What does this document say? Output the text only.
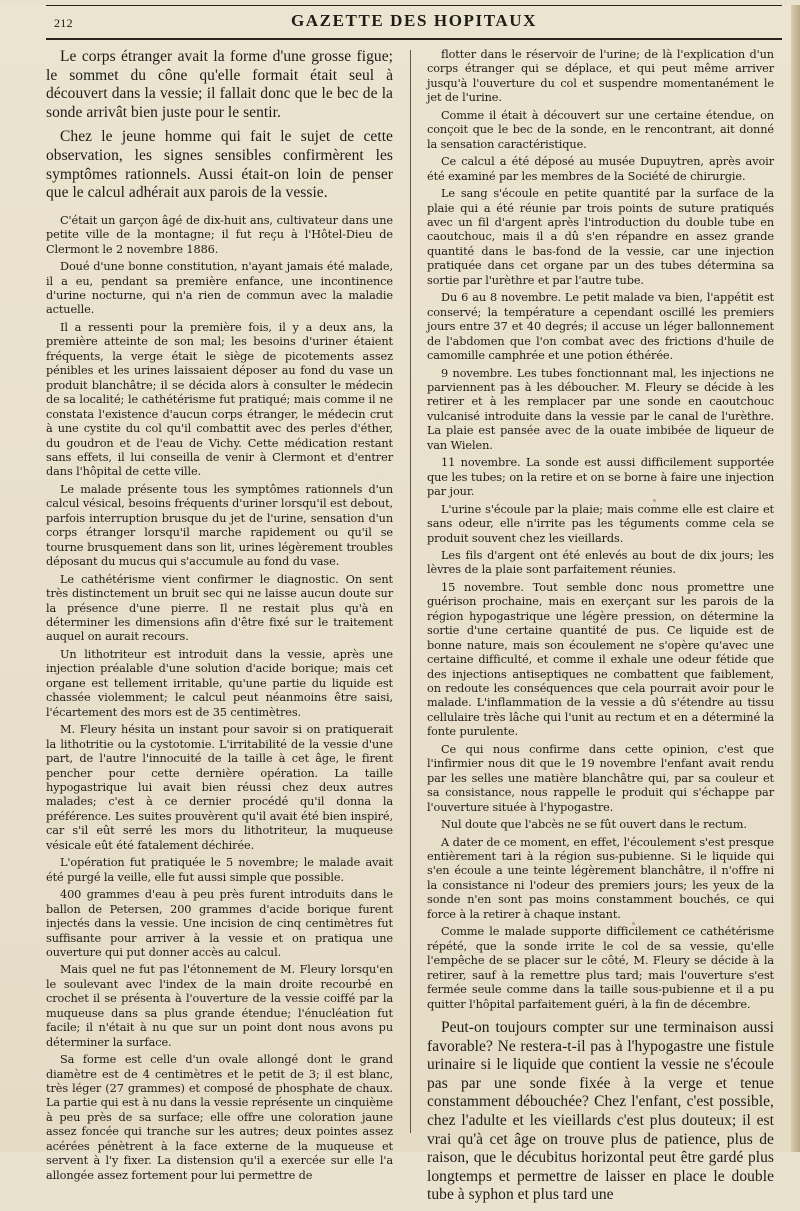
212	GAZETTE DES HOPITAUX

Le corps étranger avait la forme d'une grosse figue; le sommet du cône qu'elle formait était seul à découvert dans la vessie; il fallait donc que le bec de la sonde arrivât bien juste pour le sentir.

Chez le jeune homme qui fait le sujet de cette observation, les signes sensibles confirmèrent les symptômes rationnels. Aussi était-on loin de penser que le calcul adhérait aux parois de la vessie.

C'était un garçon âgé de dix-huit ans, cultivateur dans une petite ville de la montagne; il fut reçu à l'Hôtel-Dieu de Clermont le 2 novembre 1886.

Doué d'une bonne constitution, n'ayant jamais été malade, il a eu, pendant sa première enfance, une incontinence d'urine nocturne, qui n'a rien de commun avec la maladie actuelle.

Il a ressenti pour la première fois, il y a deux ans, la première atteinte de son mal; les besoins d'uriner étaient fréquents, la verge était le siège de picotements assez pénibles et les urines laissaient déposer au fond du vase un produit blanchâtre; il se décida alors à consulter le médecin de sa localité; le cathétérisme fut pratiqué; mais comme il ne constata l'existence d'aucun corps étranger, le médecin crut à une cystite du col qu'il combattit avec des perles d'éther, du goudron et de l'eau de Vichy. Cette médication restant sans effets, il lui conseilla de venir à Clermont et d'entrer dans l'hôpital de cette ville.

Le malade présente tous les symptômes rationnels d'un calcul vésical, besoins fréquents d'uriner lorsqu'il est debout, parfois interruption brusque du jet de l'urine, sensation d'un corps étranger lorsqu'il marche rapidement ou qu'il se tourne brusquement dans son lit, urines légèrement troubles déposant du mucus qui s'accumule au fond du vase.

Le cathétérisme vient confirmer le diagnostic. On sent très distinctement un bruit sec qui ne laisse aucun doute sur la présence d'une pierre. Il ne restait plus qu'à en déterminer les dimensions afin d'être fixé sur le traitement auquel on aurait recours.

Un lithotriteur est introduit dans la vessie, après une injection préalable d'une solution d'acide borique; mais cet organe est tellement irritable, qu'une partie du liquide est chassée violemment; le calcul peut néanmoins être saisi, l'écartement des mors est de 35 centimètres.

M. Fleury hésita un instant pour savoir si on pratiquerait la lithotritie ou la cystotomie. L'irritabilité de la vessie d'une part, de l'autre l'innocuité de la taille à cet âge, le firent pencher pour cette dernière opération. La taille hypogastrique lui avait bien réussi chez deux autres malades; c'est à ce dernier procédé qu'il donna la préférence. Les suites prouvèrent qu'il avait été bien inspiré, car s'il eût serré les mors du lithotriteur, la muqueuse vésicale eût été fatalement déchirée.

L'opération fut pratiquée le 5 novembre; le malade avait été purgé la veille, elle fut aussi simple que possible.

400 grammes d'eau à peu près furent introduits dans le ballon de Petersen, 200 grammes d'acide borique furent injectés dans la vessie. Une incision de cinq centimètres fut suffisante pour arriver à la vessie et on pratiqua une ouverture qui put donner accès au calcul.

Mais quel ne fut pas l'étonnement de M. Fleury lorsqu'en le soulevant avec l'index de la main droite recourbé en crochet il se présenta à l'ouverture de la vessie coiffé par la muqueuse dans sa plus grande étendue; l'énucléation fut facile; il n'était à nu que sur un point dont nous avons pu déterminer la surface.

Sa forme est celle d'un ovale allongé dont le grand diamètre est de 4 centimètres et le petit de 3; il est blanc, très léger (27 grammes) et composé de phosphate de chaux. La partie qui est à nu dans la vessie représente un cinquième à peu près de sa surface; elle offre une coloration jaune assez foncée qui tranche sur les autres; deux pointes assez acérées pénètrent à la face externe de la muqueuse et servent à l'y fixer. La distension qu'il a exercée sur elle l'a allongée assez fortement pour lui permettre de

flotter dans le réservoir de l'urine; de là l'explication d'un corps étranger qui se déplace, et qui peut même arriver jusqu'à l'ouverture du col et suspendre momentanément le jet de l'urine.

Comme il était à découvert sur une certaine étendue, on conçoit que le bec de la sonde, en le rencontrant, ait donné la sensation caractéristique.

Ce calcul a été déposé au musée Dupuytren, après avoir été examiné par les membres de la Société de chirurgie.

Le sang s'écoule en petite quantité par la surface de la plaie qui a été réunie par trois points de suture pratiqués avec un fil d'argent après l'introduction du double tube en caoutchouc, mais il a dû s'en répandre en assez grande quantité dans le bas-fond de la vessie, car une injection pratiquée dans cet organe par un des tubes détermina sa sortie par l'urèthre et par l'autre tube.

Du 6 au 8 novembre. Le petit malade va bien, l'appétit est conservé; la température a cependant oscillé les premiers jours entre 37 et 40 degrés; il accuse un léger ballonnement de l'abdomen que l'on combat avec des frictions d'huile de camomille camphrée et une potion éthérée.

9 novembre. Les tubes fonctionnant mal, les injections ne parviennent pas à les déboucher. M. Fleury se décide à les retirer et à les remplacer par une sonde en caoutchouc vulcanisé introduite dans la vessie par le canal de l'urèthre. La plaie est pansée avec de la ouate imbibée de liqueur de van Wielen.

11 novembre. La sonde est aussi difficilement supportée que les tubes; on la retire et on se borne à faire une injection par jour.

L'urine s'écoule par la plaie; mais comme elle est claire et sans odeur, elle n'irrite pas les téguments comme cela se produit souvent chez les vieillards.

Les fils d'argent ont été enlevés au bout de dix jours; les lèvres de la plaie sont parfaitement réunies.

15 novembre. Tout semble donc nous promettre une guérison prochaine, mais en exerçant sur les parois de la région hypogastrique une légère pression, on détermine la sortie d'une certaine quantité de pus. Ce liquide est de bonne nature, mais son écoulement ne s'opère qu'avec une certaine difficulté, et comme il exhale une odeur fétide que des injections antiseptiques ne combattent que faiblement, on redoute les conséquences que cela pourrait avoir pour le malade. L'inflammation de la vessie a dû s'étendre au tissu cellulaire très lâche qui l'unit au rectum et en a déterminé la fonte purulente.

Ce qui nous confirme dans cette opinion, c'est que l'infirmier nous dit que le 19 novembre l'enfant avait rendu par les selles une matière blanchâtre qui, par sa couleur et sa consistance, nous rappelle le produit qui s'échappe par l'ouverture située à l'hypogastre.

Nul doute que l'abcès ne se fût ouvert dans le rectum.

A dater de ce moment, en effet, l'écoulement s'est presque entièrement tari à la région sus-pubienne. Si le liquide qui s'en écoule a une teinte légèrement blanchâtre, il n'offre ni la consistance ni l'odeur des premiers jours; les yeux de la sonde n'en sont pas moins constamment bouchés, ce qui force à la retirer à chaque instant.

Comme le malade supporte difficilement ce cathétérisme répété, que la sonde irrite le col de sa vessie, qu'elle l'empêche de se placer sur le côté, M. Fleury se décide à la retirer, sauf à la remettre plus tard; mais l'ouverture s'est fermée seule comme dans la taille sous-pubienne et il a pu quitter l'hôpital parfaitement guéri, à la fin de décembre.

Peut-on toujours compter sur une terminaison aussi favorable? Ne restera-t-il pas à l'hypogastre une fistule urinaire si le liquide que contient la vessie ne s'écoule pas par une sonde fixée à la verge et tenue constamment débouchée? Chez l'enfant, c'est possible, chez l'adulte et les vieillards c'est plus douteux; il est vrai qu'à cet âge on trouve plus de patience, plus de raison, que le décubitus horizontal peut être gardé plus longtemps et permettre de laisser en place le double tube à syphon et plus tard une
